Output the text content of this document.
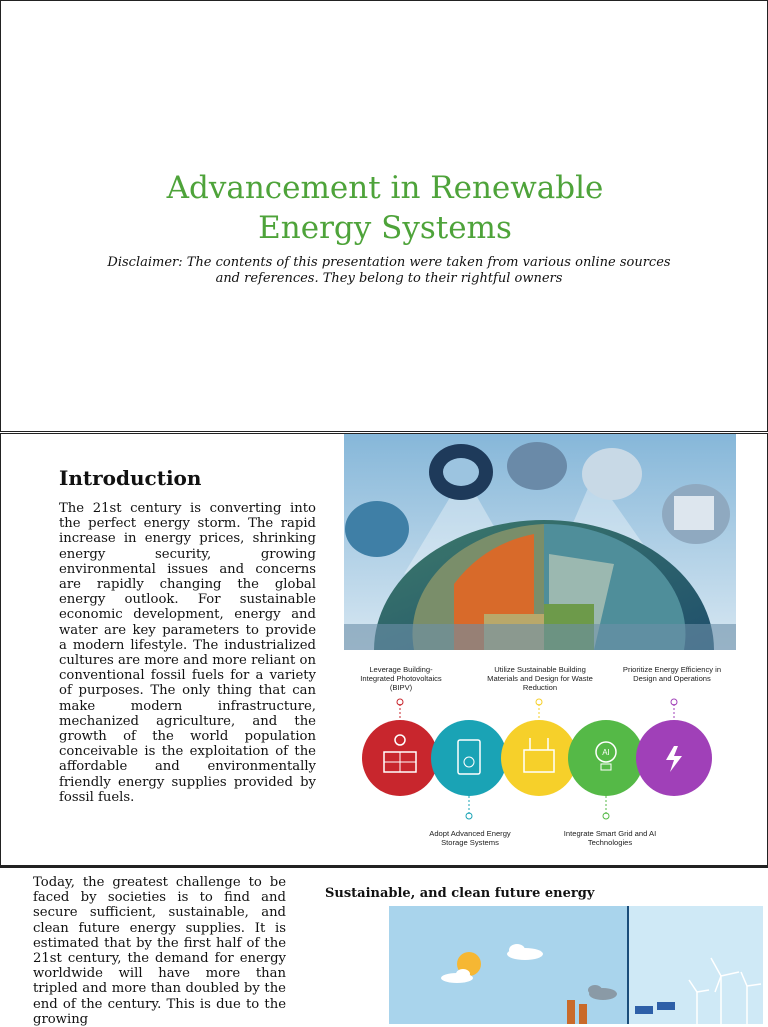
Advancement in Renewable
Energy Systems
Disclaimer: The contents of this presentation were taken from various online sources
and references. They belong to their rightful owners
Introduction
The 21st century is converting into the perfect energy storm. The rapid increase in energy prices, shrinking energy security, growing environmental issues and concerns are rapidly changing the global energy outlook. For sustainable economic development, energy and water are key parameters to provide a modern lifestyle. The industrialized cultures are more and more reliant on conventional fossil fuels for a variety of purposes. The only thing that can make modern infrastructure, mechanized agriculture, and the growth of the world population conceivable is the exploitation of the affordable and environmentally friendly energy supplies provided by fossil fuels.
AI
Leverage Building-Integrated Photovoltaics (BIPV)
Utilize Sustainable Building Materials and Design for Waste Reduction
Prioritize Energy Efficiency in Design and Operations
Adopt Advanced Energy Storage Systems
Integrate Smart Grid and AI Technologies
Today, the greatest challenge to be faced by societies is to find and secure sufficient, sustainable, and clean future energy supplies. It is estimated that by the first half of the 21st century, the demand for energy worldwide will have more than tripled and more than doubled by the end of the century. This is due to the growing
Sustainable, and clean future energy
